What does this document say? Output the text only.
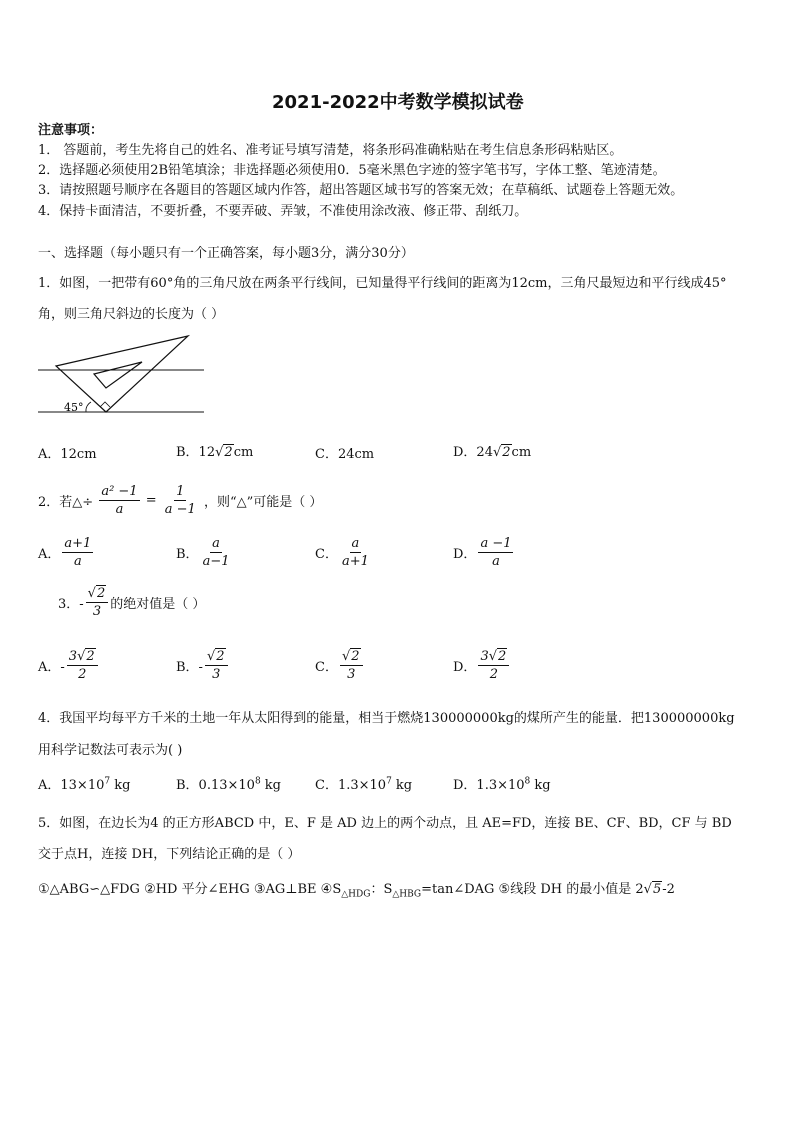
2021-2022中考数学模拟试卷
注意事项：
1． 答题前，考生先将自己的姓名、准考证号填写清楚，将条形码准确粘贴在考生信息条形码粘贴区。
2．选择题必须使用2B铅笔填涂；非选择题必须使用0．5毫米黑色字迹的签字笔书写，字体工整、笔迹清楚。
3．请按照题号顺序在各题目的答题区域内作答，超出答题区域书写的答案无效；在草稿纸、试题卷上答题无效。
4．保持卡面清洁，不要折叠，不要弄破、弄皱，不准使用涂改液、修正带、刮纸刀。
一、选择题（每小题只有一个正确答案，每小题3分，满分30分）
1．如图，一把带有60°角的三角尺放在两条平行线间，已知量得平行线间的距离为12cm，三角尺最短边和平行线成45°
角，则三角尺斜边的长度为（ ）
45°
A．12cm	B．12√2cm	C．24cm	D．24√2cm
2．若△÷ $\frac{\text{a² −1}}{a} = \frac{1}{a -1}$ ，则“△”可能是（ ）
A． $\frac{a+1}{a}$	B． $\frac{a}{a-1}$	C． $\frac{a}{a+1}$	D． $\frac{a -1}{a}$
3．- $\frac{√2}{3}$ 的绝对值是（ ）
A．- $\frac{3√2}{2}$	B．- $\frac{√2}{3}$	C． $\frac{√2}{3}$	D． $\frac{3√2}{2}$
4．我国平均每平方千米的土地一年从太阳得到的能量，相当于燃烧130000000kg的煤所产生的能量．把130000000kg
用科学记数法可表示为( )
A．$13\times 10^7$ kg	B．$0.13\times 10^8$ kg	C．$1.3\times 10^7$ kg	D．$1.3\times 10^8$ kg
5．如图，在边长为4 的正方形ABCD 中，E、F 是 AD 边上的两个动点，且 AE=FD，连接 BE、CF、BD，CF 与 BD
交于点H，连接 DH，下列结论正确的是（ ）
①△ABG∽△FDG ②HD 平分∠EHG ③AG⊥BE $④S_{\triangle HDG}$：$S_{\triangle HBG}=\tan\angle DAG$ ⑤线段 DH 的最小值是 2√5-2
